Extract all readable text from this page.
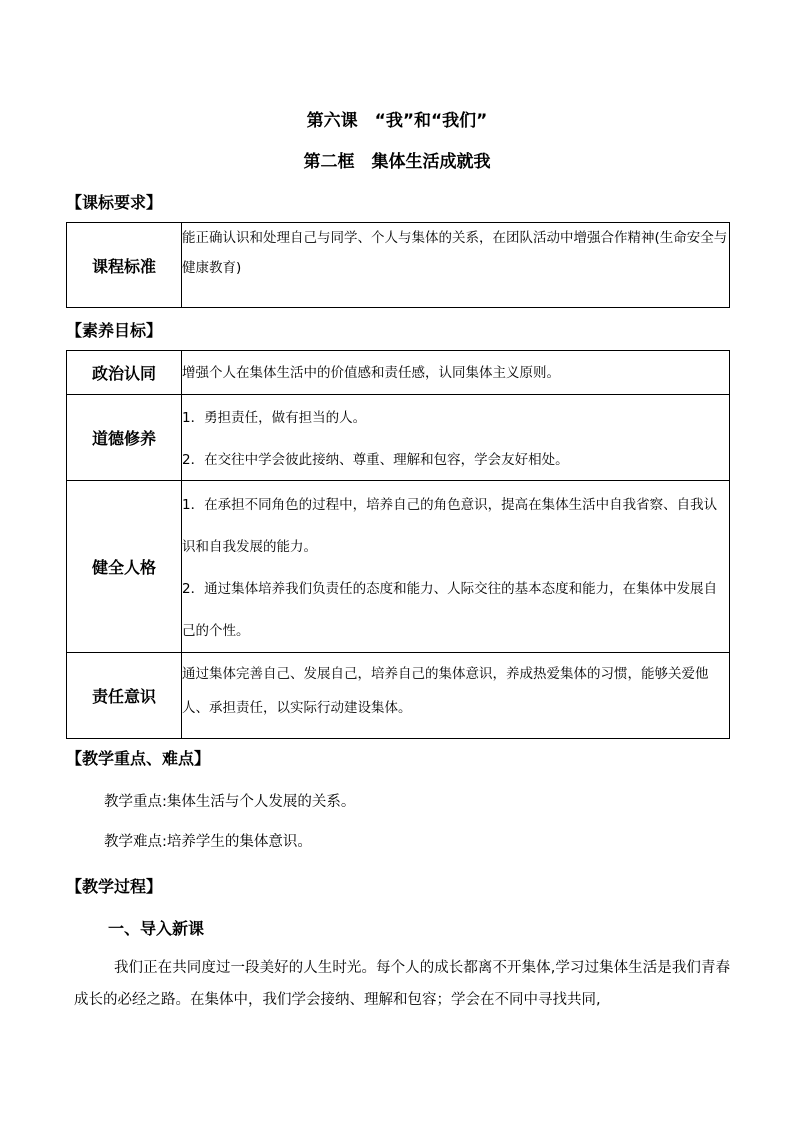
第六课　“我”和“我们”
第二框　集体生活成就我
【课标要求】
课程标准	能正确认识和处理自己与同学、个人与集体的关系，在团队活动中增强合作精神(生命安全与健康教育)
【素养目标】
政治认同	增强个人在集体生活中的价值感和责任感，认同集体主义原则。

道德修养	1．勇担责任，做有担当的人。
2．在交往中学会彼此接纳、尊重、理解和包容，学会友好相处。

健全人格	1．在承担不同角色的过程中，培养自己的角色意识，提高在集体生活中自我省察、自我认识和自我发展的能力。
2．通过集体培养我们负责任的态度和能力、人际交往的基本态度和能力，在集体中发展自己的个性。

责任意识	通过集体完善自己、发展自己，培养自己的集体意识，养成热爱集体的习惯，能够关爱他人、承担责任，以实际行动建设集体。
【教学重点、难点】
教学重点:集体生活与个人发展的关系。
教学难点:培养学生的集体意识。
【教学过程】
一、导入新课
我们正在共同度过一段美好的人生时光。每个人的成长都离不开集体,学习过集体生活是我们青春成长的必经之路。在集体中，我们学会接纳、理解和包容；学会在不同中寻找共同,
